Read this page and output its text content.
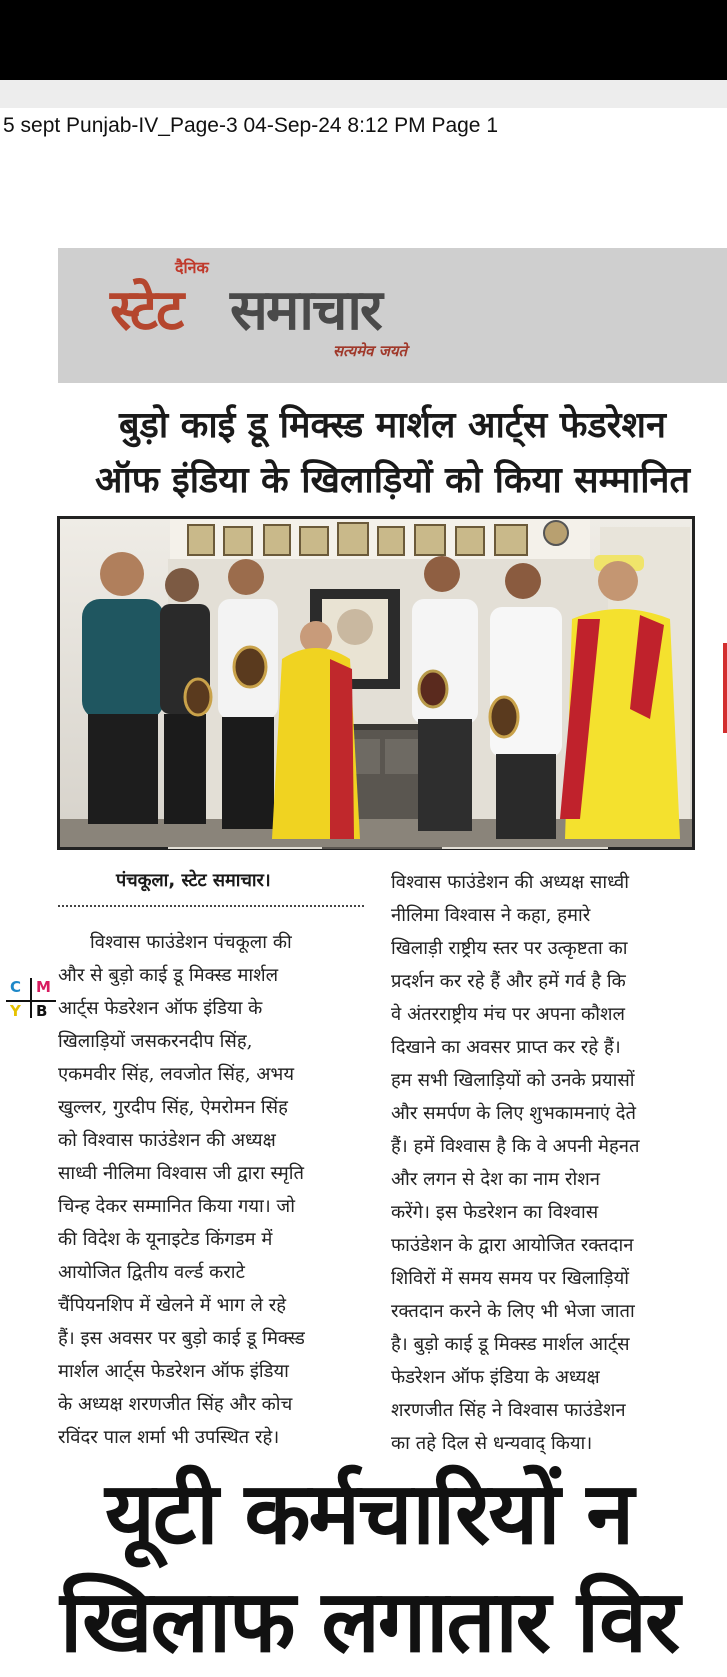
5 sept Punjab-IV_Page-3 04-Sep-24 8:12 PM Page 1
दैनिक
स्टेट समाचार
सत्यमेव जयते
बुड़ो काई डू मिक्स्ड मार्शल आर्ट्स फेडरेशन
ऑफ इंडिया के खिलाड़ियों को किया सम्मानित
पंचकूला, स्टेट समाचार।
C M
Y B
विश्वास फाउंडेशन पंचकूला की
और से बुड़ो काई डू मिक्स्ड मार्शल
आर्ट्स फेडरेशन ऑफ इंडिया के
खिलाड़ियों जसकरनदीप सिंह,
एकमवीर सिंह, लवजोत सिंह, अभय
खुल्लर, गुरदीप सिंह, ऐमरोमन सिंह
को विश्वास फाउंडेशन की अध्यक्ष
साध्वी नीलिमा विश्वास जी द्वारा स्मृति
चिन्ह देकर सम्मानित किया गया। जो
की विदेश के यूनाइटेड किंगडम में
आयोजित द्वितीय वर्ल्ड कराटे
चैंपियनशिप में खेलने में भाग ले रहे
हैं। इस अवसर पर बुड़ो काई डू मिक्स्ड
मार्शल आर्ट्स फेडरेशन ऑफ इंडिया
के अध्यक्ष शरणजीत सिंह और कोच
रविंदर पाल शर्मा भी उपस्थित रहे।
विश्वास फाउंडेशन की अध्यक्ष साध्वी
नीलिमा विश्वास ने कहा, हमारे
खिलाड़ी राष्ट्रीय स्तर पर उत्कृष्टता का
प्रदर्शन कर रहे हैं और हमें गर्व है कि
वे अंतरराष्ट्रीय मंच पर अपना कौशल
दिखाने का अवसर प्राप्त कर रहे हैं।
हम सभी खिलाड़ियों को उनके प्रयासों
और समर्पण के लिए शुभकामनाएं देते
हैं। हमें विश्वास है कि वे अपनी मेहनत
और लगन से देश का नाम रोशन
करेंगे। इस फेडरेशन का विश्वास
फाउंडेशन के द्वारा आयोजित रक्तदान
शिविरों में समय समय पर खिलाड़ियों
रक्तदान करने के लिए भी भेजा जाता
है। बुड़ो काई डू मिक्स्ड मार्शल आर्ट्स
फेडरेशन ऑफ इंडिया के अध्यक्ष
शरणजीत सिंह ने विश्वास फाउंडेशन
का तहे दिल से धन्यवाद् किया।
यूटी कर्मचारियों न
खिलाफ लगातार विर
